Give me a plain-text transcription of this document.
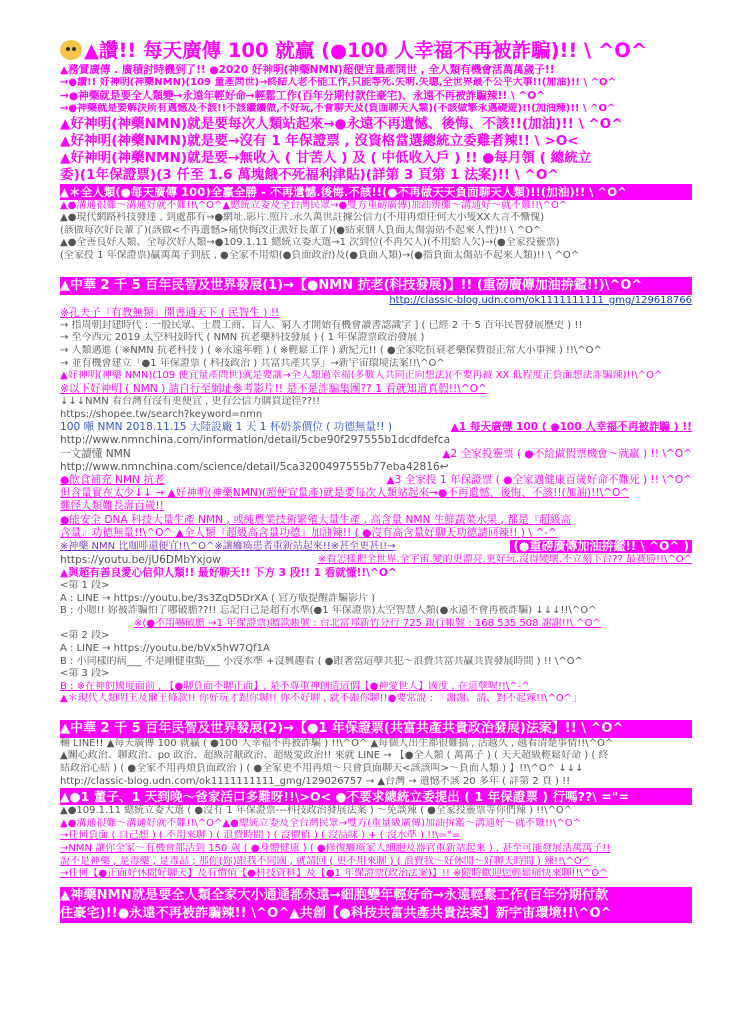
▲讚!! 每天廣傳 100 就贏 (●100 人幸福不再被詐騙)!! \ ^O^
▲務實廣傳 . 廣積討時機到了!! ●2020 好神明(神藥NMN)超便宜量產問世 , 全人類有機會活萬萬歲子!!
→●讚!! 好神明(神藥NMN)(109 量產問世)→終結人老不能工作,只能等死.失明.失聰,全世界最不公平大事!!(加油)!! \ ^O^
→●神藥就是要全人類變→永遠年輕好命→輕鬆工作(百年分期付款住豪宅)、永遠不再被詐騙辣!! \ ^O^
→●神藥就是要解決所有邁憾及不該!!不該繼續做,不好玩,不會聊天及(負面聊天人類)(不該做擎永邁礎遊)!!(加油辣)!! \ ^O^
▲好神明(神藥NMN)就是要每次人類站起來→●永遠不再遺憾、後悔、不該!!(加油)!! \ ^O^
▲好神明(神藥NMN)就是要→沒有 1 年保證票 , 沒資格當選總統立委雞者辣!! \ >O<
▲好神明(神藥NMN)就是要→無收入 ( 甘苦人 ) 及 ( 中低收入戶 ) !! ●每月領 ( 總統立
委)(1年保證票)(3 仟至 1.6 萬塊餓不死福利津貼)(詳第 3 頁第 1 法案)!! \ ^O^
▲＊全人類(●每天廣傳 100)全贏全勝 - 不再遺憾.後悔.不該!!(●不再做天天負面聊天人類)!!(加油)!! \ ^O^
▲●溝通很難～溝通好就不難!!\^O^▲總統立委及全台灣民眾→●雙方重磅廣傳)加油辨攤～溝通好～就不難!!\^O^
▲●現代網路科技發達 , 到處都有→●網址.影片.照片.永久萬世註據公信力(不用再煩任何大小隻XX大言不慚傀)
(該做每次好長輩了)(該做<不再遺憾>痛快悔改正派好長輩了)(●結束個人負面太傷弱站不起來人性)!! \ ^O^
▲●全善良好人類、全每次好人類→●109.1.11 總統立委大選→1 次到位(不再欠人)(不用給人欠)→(●全家投靈票)
(全家投 1 年保證票)贏萬萬子到底 , ●全家不用煩(●負面政治)及(●負面人類)→(●指負面太傷站不起來人類)!! \ ^O^
▲中華 2 千 5 百年民智及世界發展(1)→【●NMN 抗老(科技發展)】!! (重磅廣傳加油拚鑑!!)\^O^
http://classic-blog.udn.com/ok1111111111_gmg/129618766
※孔夫子『有教無類』開書通天下 ( 民智生 ) !!
→ 指周朝封建時代 : 一般民眾、士農工商、盲人、窮人才開始有機會讀書認識字 ] ( 已經 2 千 5 百年民智發展歷史 ) !!
→ 至今西元 2019 太空科技時代 ( NMN 抗老藥科技發展 ) ( 1 年保證票政治發展 )
→ 人類邁進 ( ※NMN 抗老科技 ) ( ※永遠年輕 ) ( ※輕鬆工作 ) 新紀元!! ( ●全家吃抗衰老藥保費很正常大小事辣 ) !!\^O^
→ 並有機會建立「●1 年保證票 ( 科技政治 ) 共富共產共享」→新宇宙環境法案!!\^O^
▲好神明(神藥 NMN)(109 便宜量產問世)就是要讓→全人類過幸福(多數人共同正向想法)(不要再被 XX 低程度正負面想法詐騙辣)!!\^O^
※以下好神明 ( NMN ) 請自行至網址參考影片!! 是不是詐騙集團?? 1 看就知道真假!!\^O^
↓↓↓NMN 看台灣有沒有更便宜 , 更有公信力購買途徑??!!
https://shopee.tw/search?keyword=nmn
100 噸 NMN 2018.11.15 大陸設廠 1 天 1 杯奶茶價位 ( 功德無量!! )	▲1 每天廣傳 100 ( ●100 人幸福不再被詐騙 ) !!
http://www.nmnchina.com/information/detail/5cbe90f297555b1dcdfdefca
一文讀懂 NMN	▲2 全家投靈票 ( ●不給做假票機會～就贏 ) !! \^O^
http://www.nmnchina.com/science/detail/5ca3200497555b77eba42816↩
●飲食補充 NMN 抗老	▲3 全家投 1 年保證票 ( ●全家邁健康百歲好命不難死 ) !! \^O^
但含量實在太少↓↓ → ▲好神明(神藥NMN)(超便宜量產)就是要每次人類站起來→●不再遺憾、後悔、不該!!(加油)!!\^O^
難怪人類難長壽百歲!!
●能安全 DNA 科技大量生產 NMN , 或純農業技術繁殖大量生產 , 高含量 NMN 生鮮蔬菜水果 , 都是『超級高
含量』功德無量!!\^O^ ▲全人類『超級高含量功德』加油辣!! ( ●沒有高含量好聊天功德請回辣!! ) \ ^-^
※神藥 NMN 比咖啡還便宜!!\^O^※讓癱瘓患者重新站起來!!※甚至更甚!!→	(●重磅廣傳加油拚鑑!! \ ^O^ )
https://youtu.be/jU6DMbYxjow	※看怎樣把全世界.全宇宙.變的更漂亮.更好玩.沒得變壞.不立刻下台?? 最賽勝!!\^O^
▲與超有善良愛心信仰人類!! 最好聊天!! 下方 3 段!! 1 看就懂!!\^O^
<第 1 段>
A : LINE → https://youtu.be/3s3ZqD5DrXA ( 官方版提醒詐騙影片 )
B : 小嗯!! 妳被詐騙怕了哪破膽??!! 忘記白己是超有水準(●1 年保證票)太空智慧人類(●永遠不會再被詐騙) ↓↓↓!!\^O^
※(●不用嚇破膽 →1 年保證票)贈款帳號 : 台北富邦新竹分行 725 銀行帳號 : 168 535 508 謝謝!!\ ^O^
<第 2 段>
A : LINE → https://youtu.be/bVx5hW7Qf1A
B : 小同樣的病___ 不是剛健重點___ 小沒水準 +沒興趣看 ( ●跟著當這孽共犯～浪費共富共贏共貴發展時間 ) !! \^O^
<第 3 段>
B : ※在神的國度面前 , 【●聊負面不聊正面】, 是不尊重神創造這個【●神愛世人】國度 , 在這孽喔!!\^-^
▲＊現代人類明王及爾王條款!! 你好玩才跟你聊!! 你不好聊 , 就不跟你聊!!●要常說 : 「謝謝、請、對不起辣!!\^O^」
▲中華 2 千 5 百年民智及世界發展(2)→【●1 年保證票(共富共產共貴政治發展)法案】!! \ ^O^
輔 LINE!! ▲每天廣傳 100 就贏 ( ●100 人幸福不再被詐騙 ) !!\^O^ ▲每個人出生都很難搞 , 活越久 , 越看清楚事情!!\^O^
▲關心政治、聊政治、po 政治、超級討厭政治、超級愛政治!! 來就 LINE → 【●全人類 ( 萬萬子 ) ( 天天超級輕鬆好命 ) ( 終
結政治心結 ) ( ●全家不用再煩負面政治 ) ( ●全家更不用再煩～只會負面聊天<該該叫>～負面人類 ) 】!!\^O^ ↓↓↓
http://classic-blog.udn.com/ok1111111111_gmg/129026757 → ▲台灣 → 遺憾不該 20 多年 ( 詳第 2 頁 ) !!
▲●1 董子、1 天到晚～爸家活口多難呀!!\>O< ●不要求總統立委提出 ( 1 年保證票 ) 行嗎??\ ="=
▲●109.1.11 總統立委大選 ( ●沒有 1 年保證票---科技政治發展法案 ) ～免談辣 ( ●全家投靈票等你們辣 ) !!\^O^
▲●溝通很難～溝通好就不難!!\^O^▲●總統立委及全台灣民眾→雙方(重量級廣傳)加油拚鑑～溝通好～就不難!!\^O^
→任何負面 ( 自己想 ) ( 不用來聊 ) ( 浪費時間 ) ( 沒價值 ) ( 沒品味 ) + ( 沒水準 ) !!\="=
→NMN 讓你全家～有機會都活到 150 歲 ( ●身體健康 ) ( ●修復癱瘓家人細胞及器官重新站起來 ) , 甚至可能發展活萬萬子!!
說不是神藥 , 是毒藥 , 是毒品 ; 那你(妳)跟我不同國 , 就請回 ( 更不用來聊 ) ( 浪費我～好休閒～好聊天時間 ) 辣!!\^O^
→任何【●正面好休閒好聊天】及有價值【●科技資料】及【●1 年保證票(政治法案)】!! ※隨時歡迎您輕鬆痛快來聊!!\^O^
▲神藥NMN就是要全人類全家大小通通都永遠→細胞變年輕好命→永遠輕鬆工作(百年分期付款
住豪宅)!!●永遠不再被詐騙辣!! \^O^▲共創【●科技共富共產共貴法案】新宇宙環境!!\^O^
